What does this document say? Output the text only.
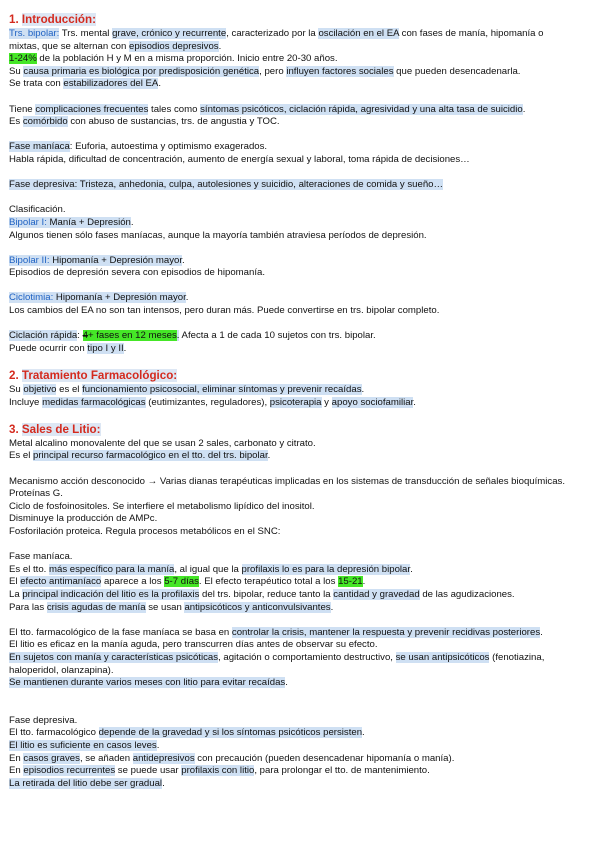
1. Introducción:
Trs. bipolar: Trs. mental grave, crónico y recurrente, caracterizado por la oscilación en el EA con fases de manía, hipomanía o
mixtas, que se alternan con episodios depresivos.
1-24% de la población H y M en a misma proporción. Inicio entre 20-30 años.
Su causa primaria es biológica por predisposición genética, pero influyen factores sociales que pueden desencadenarla.
Se trata con estabilizadores del EA.
Tiene complicaciones frecuentes tales como síntomas psicóticos, ciclación rápida, agresividad y una alta tasa de suicidio.
Es comórbido con abuso de sustancias, trs. de angustia y TOC.
Fase maníaca: Euforia, autoestima y optimismo exagerados.
Habla rápida, dificultad de concentración, aumento de energía sexual y laboral, toma rápida de decisiones…
Fase depresiva: Tristeza, anhedonia, culpa, autolesiones y suicidio, alteraciones de comida y sueño…
Clasificación.
Bipolar I: Manía + Depresión.
Algunos tienen sólo fases maníacas, aunque la mayoría también atraviesa períodos de depresión.
Bipolar II: Hipomanía + Depresión mayor.
Episodios de depresión severa con episodios de hipomanía.
Ciclotimia: Hipomanía + Depresión mayor.
Los cambios del EA no son tan intensos, pero duran más. Puede convertirse en trs. bipolar completo.
Ciclación rápida: 4+ fases en 12 meses. Afecta a 1 de cada 10 sujetos con trs. bipolar.
Puede ocurrir con tipo I y II.
2. Tratamiento Farmacológico:
Su objetivo es el funcionamiento psicosocial, eliminar síntomas y prevenir recaídas.
Incluye medidas farmacológicas (eutimizantes, reguladores), psicoterapia y apoyo sociofamiliar.
3. Sales de Litio:
Metal alcalino monovalente del que se usan 2 sales, carbonato y citrato.
Es el principal recurso farmacológico en el tto. del trs. bipolar.
Mecanismo acción desconocido → Varias dianas terapéuticas implicadas en los sistemas de transducción de señales bioquímicas.
Proteínas G.
Ciclo de fosfoinositoles. Se interfiere el metabolismo lipídico del inositol.
Disminuye la producción de AMPc.
Fosforilación proteica. Regula procesos metabólicos en el SNC:
Fase maníaca.
Es el tto. más específico para la manía, al igual que la profilaxis lo es para la depresión bipolar.
El efecto antimaníaco aparece a los 5-7 días. El efecto terapéutico total a los 15-21.
La principal indicación del litio es la profilaxis del trs. bipolar, reduce tanto la cantidad y gravedad de las agudizaciones.
Para las crisis agudas de manía se usan antipsicóticos y anticonvulsivantes.
El tto. farmacológico de la fase maníaca se basa en controlar la crisis, mantener la respuesta y prevenir recidivas posteriores.
El litio es eficaz en la manía aguda, pero transcurren días antes de observar su efecto.
En sujetos con manía y características psicóticas, agitación o comportamiento destructivo, se usan antipsicóticos (fenotiazina,
haloperidol, olanzapina).
Se mantienen durante varios meses con litio para evitar recaídas.
Fase depresiva.
El tto. farmacológico depende de la gravedad y si los síntomas psicóticos persisten.
El litio es suficiente en casos leves.
En casos graves, se añaden antidepresivos con precaución (pueden desencadenar hipomanía o manía).
En episodios recurrentes se puede usar profilaxis con litio, para prolongar el tto. de mantenimiento.
La retirada del litio debe ser gradual.
